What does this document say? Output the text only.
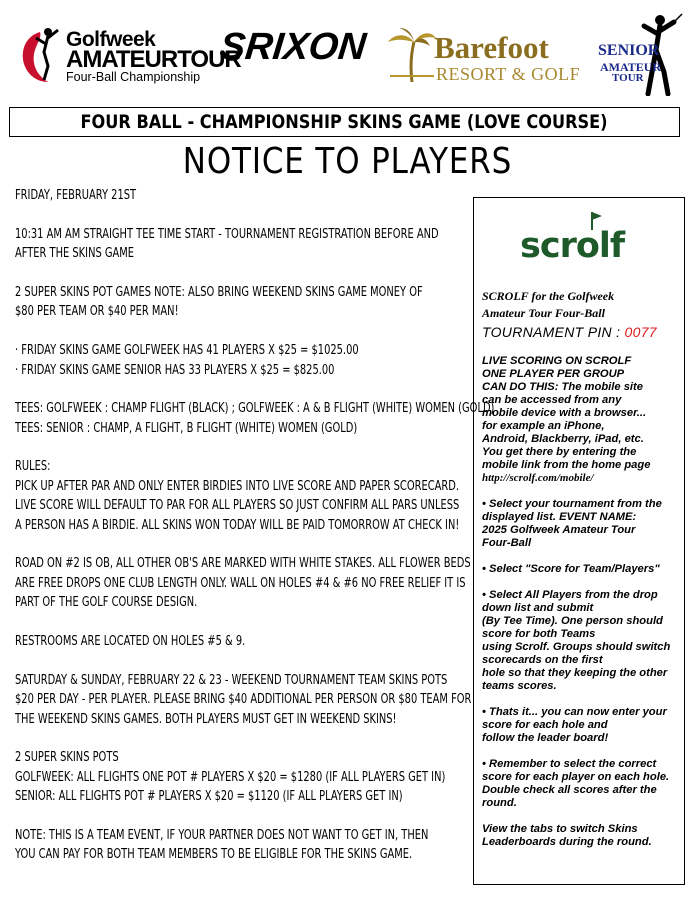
Golfweek
AMATEURTOUR
Four-Ball Championship
SRIXON Barefoot
RESORT & GOLF
SENIOR
AMATEUR
TOUR
FOUR BALL - CHAMPIONSHIP SKINS GAME (LOVE COURSE)
NOTICE TO PLAYERS
FRIDAY, FEBRUARY 21ST
10:31 AM AM STRAIGHT TEE TIME START - TOURNAMENT REGISTRATION BEFORE AND
AFTER THE SKINS GAME
2 SUPER SKINS POT GAMES NOTE: ALSO BRING WEEKEND SKINS GAME MONEY OF
$80 PER TEAM OR $40 PER MAN!
· FRIDAY SKINS GAME GOLFWEEK HAS 41 PLAYERS X $25 = $1025.00
· FRIDAY SKINS GAME SENIOR HAS 33 PLAYERS X $25 = $825.00
TEES: GOLFWEEK : CHAMP FLIGHT (BLACK) ; GOLFWEEK : A & B FLIGHT (WHITE) WOMEN (GOLD)
TEES: SENIOR : CHAMP, A FLIGHT, B FLIGHT (WHITE) WOMEN (GOLD)
RULES:
PICK UP AFTER PAR AND ONLY ENTER BIRDIES INTO LIVE SCORE AND PAPER SCORECARD.
LIVE SCORE WILL DEFAULT TO PAR FOR ALL PLAYERS SO JUST CONFIRM ALL PARS UNLESS
A PERSON HAS A BIRDIE. ALL SKINS WON TODAY WILL BE PAID TOMORROW AT CHECK IN!
ROAD ON #2 IS OB, ALL OTHER OB'S ARE MARKED WITH WHITE STAKES. ALL FLOWER BEDS
ARE FREE DROPS ONE CLUB LENGTH ONLY. WALL ON HOLES #4 & #6 NO FREE RELIEF IT IS
PART OF THE GOLF COURSE DESIGN.
RESTROOMS ARE LOCATED ON HOLES #5 & 9.
SATURDAY & SUNDAY, FEBRUARY 22 & 23 - WEEKEND TOURNAMENT TEAM SKINS POTS
$20 PER DAY - PER PLAYER. PLEASE BRING $40 ADDITIONAL PER PERSON OR $80 TEAM FOR
THE WEEKEND SKINS GAMES. BOTH PLAYERS MUST GET IN WEEKEND SKINS!
2 SUPER SKINS POTS
GOLFWEEK: ALL FLIGHTS ONE POT # PLAYERS X $20 = $1280 (IF ALL PLAYERS GET IN)
SENIOR: ALL FLIGHTS POT # PLAYERS X $20 = $1120 (IF ALL PLAYERS GET IN)
NOTE: THIS IS A TEAM EVENT, IF YOUR PARTNER DOES NOT WANT TO GET IN, THEN
YOU CAN PAY FOR BOTH TEAM MEMBERS TO BE ELIGIBLE FOR THE SKINS GAME.
scrolf
SCROLF for the Golfweek
Amateur Tour Four-Ball
TOURNAMENT PIN : 0077
LIVE SCORING ON SCROLF
ONE PLAYER PER GROUP
CAN DO THIS: The mobile site
can be accessed from any
mobile device with a browser...
for example an iPhone,
Android, Blackberry, iPad, etc.
You get there by entering the
mobile link from the home page
http://scrolf.com/mobile/
• Select your tournament from the
displayed list. EVENT NAME:
2025 Golfweek Amateur Tour
Four-Ball
• Select "Score for Team/Players"
• Select All Players from the drop
down list and submit
(By Tee Time). One person should
score for both Teams
using Scrolf. Groups should switch
scorecards on the first
hole so that they keeping the other
teams scores.
• Thats it... you can now enter your
score for each hole and
follow the leader board!
• Remember to select the correct
score for each player on each hole.
Double check all scores after the
round.
View the tabs to switch Skins
Leaderboards during the round.
